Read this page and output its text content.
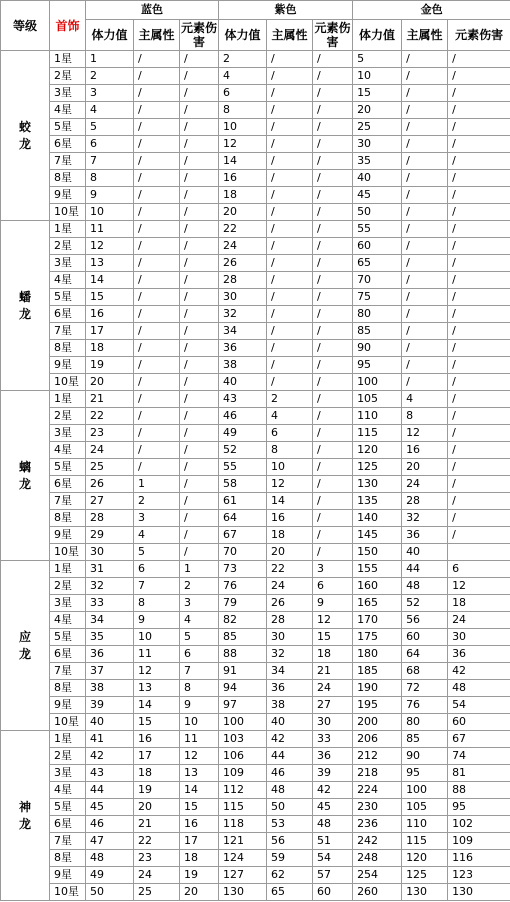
等级	首饰	蓝色			紫色			金色		
		体力值	主属性	元素伤害	体力值	主属性	元素伤害	体力值	主属性	元素伤害
蛟龙	1星	1	/	/	2	/	/	5	/	/
	2星	2	/	/	4	/	/	10	/	/
	3星	3	/	/	6	/	/	15	/	/
	4星	4	/	/	8	/	/	20	/	/
	5星	5	/	/	10	/	/	25	/	/
	6星	6	/	/	12	/	/	30	/	/
	7星	7	/	/	14	/	/	35	/	/
	8星	8	/	/	16	/	/	40	/	/
	9星	9	/	/	18	/	/	45	/	/
	10星	10	/	/	20	/	/	50	/	/
蟠龙	1星	11	/	/	22	/	/	55	/	/
	2星	12	/	/	24	/	/	60	/	/
	3星	13	/	/	26	/	/	65	/	/
	4星	14	/	/	28	/	/	70	/	/
	5星	15	/	/	30	/	/	75	/	/
	6星	16	/	/	32	/	/	80	/	/
	7星	17	/	/	34	/	/	85	/	/
	8星	18	/	/	36	/	/	90	/	/
	9星	19	/	/	38	/	/	95	/	/
	10星	20	/	/	40	/	/	100	/	/
螭龙	1星	21	/	/	43	2	/	105	4	/
	2星	22	/	/	46	4	/	110	8	/
	3星	23	/	/	49	6	/	115	12	/
	4星	24	/	/	52	8	/	120	16	/
	5星	25	/	/	55	10	/	125	20	/
	6星	26	1	/	58	12	/	130	24	/
	7星	27	2	/	61	14	/	135	28	/
	8星	28	3	/	64	16	/	140	32	/
	9星	29	4	/	67	18	/	145	36	/
	10星	30	5	/	70	20	/	150	40	
应龙	1星	31	6	1	73	22	3	155	44	6
	2星	32	7	2	76	24	6	160	48	12
	3星	33	8	3	79	26	9	165	52	18
	4星	34	9	4	82	28	12	170	56	24
	5星	35	10	5	85	30	15	175	60	30
	6星	36	11	6	88	32	18	180	64	36
	7星	37	12	7	91	34	21	185	68	42
	8星	38	13	8	94	36	24	190	72	48
	9星	39	14	9	97	38	27	195	76	54
	10星	40	15	10	100	40	30	200	80	60
神龙	1星	41	16	11	103	42	33	206	85	67
	2星	42	17	12	106	44	36	212	90	74
	3星	43	18	13	109	46	39	218	95	81
	4星	44	19	14	112	48	42	224	100	88
	5星	45	20	15	115	50	45	230	105	95
	6星	46	21	16	118	53	48	236	110	102
	7星	47	22	17	121	56	51	242	115	109
	8星	48	23	18	124	59	54	248	120	116
	9星	49	24	19	127	62	57	254	125	123
	10星	50	25	20	130	65	60	260	130	130
